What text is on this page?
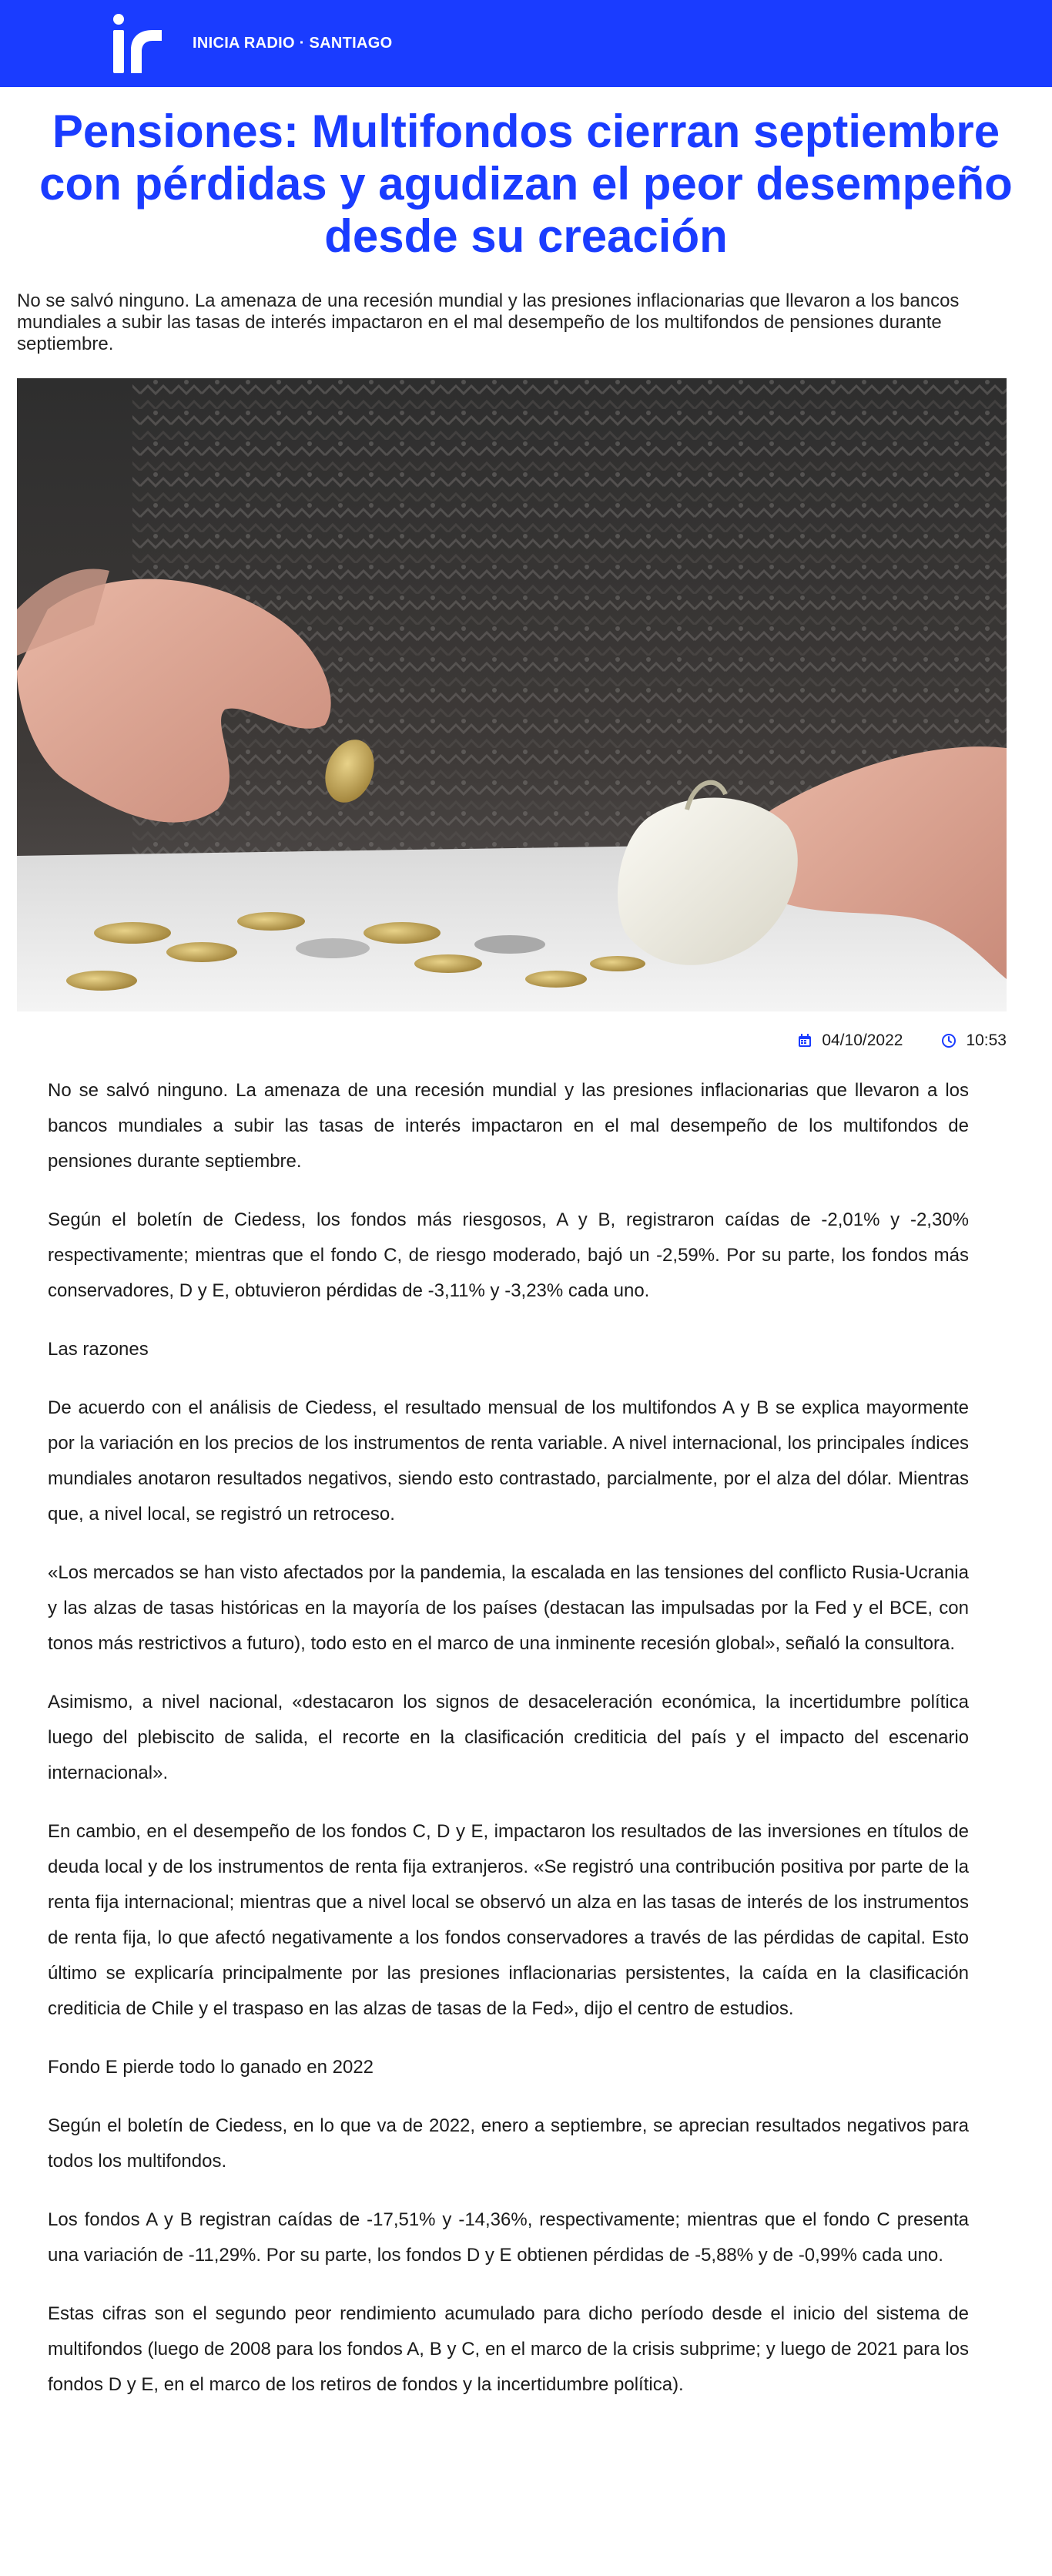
INICIA RADIO · SANTIAGO
Pensiones: Multifondos cierran septiembre con pérdidas y agudizan el peor desempeño desde su creación

No se salvó ninguno. La amenaza de una recesión mundial y las presiones inflacionarias que llevaron a los bancos mundiales a subir las tasas de interés impactaron en el mal desempeño de los multifondos de pensiones durante septiembre.

04/10/2022	10:53

No se salvó ninguno. La amenaza de una recesión mundial y las presiones inflacionarias que llevaron a los bancos mundiales a subir las tasas de interés impactaron en el mal desempeño de los multifondos de pensiones durante septiembre.

Según el boletín de Ciedess, los fondos más riesgosos, A y B, registraron caídas de -2,01% y -2,30% respectivamente; mientras que el fondo C, de riesgo moderado, bajó un -2,59%. Por su parte, los fondos más conservadores, D y E, obtuvieron pérdidas de -3,11% y -3,23% cada uno.

Las razones

De acuerdo con el análisis de Ciedess, el resultado mensual de los multifondos A y B se explica mayormente por la variación en los precios de los instrumentos de renta variable. A nivel internacional, los principales índices mundiales anotaron resultados negativos, siendo esto contrastado, parcialmente, por el alza del dólar. Mientras que, a nivel local, se registró un retroceso.

«Los mercados se han visto afectados por la pandemia, la escalada en las tensiones del conflicto Rusia-Ucrania y las alzas de tasas históricas en la mayoría de los países (destacan las impulsadas por la Fed y el BCE, con tonos más restrictivos a futuro), todo esto en el marco de una inminente recesión global», señaló la consultora.

Asimismo, a nivel nacional, «destacaron los signos de desaceleración económica, la incertidumbre política luego del plebiscito de salida, el recorte en la clasificación crediticia del país y el impacto del escenario internacional».

En cambio, en el desempeño de los fondos C, D y E, impactaron los resultados de las inversiones en títulos de deuda local y de los instrumentos de renta fija extranjeros. «Se registró una contribución positiva por parte de la renta fija internacional; mientras que a nivel local se observó un alza en las tasas de interés de los instrumentos de renta fija, lo que afectó negativamente a los fondos conservadores a través de las pérdidas de capital. Esto último se explicaría principalmente por las presiones inflacionarias persistentes, la caída en la clasificación crediticia de Chile y el traspaso en las alzas de tasas de la Fed», dijo el centro de estudios.

Fondo E pierde todo lo ganado en 2022

Según el boletín de Ciedess, en lo que va de 2022, enero a septiembre, se aprecian resultados negativos para todos los multifondos.

Los fondos A y B registran caídas de -17,51% y -14,36%, respectivamente; mientras que el fondo C presenta una variación de -11,29%. Por su parte, los fondos D y E obtienen pérdidas de -5,88% y de -0,99% cada uno.

Estas cifras son el segundo peor rendimiento acumulado para dicho período desde el inicio del sistema de multifondos (luego de 2008 para los fondos A, B y C, en el marco de la crisis subprime; y luego de 2021 para los fondos D y E, en el marco de los retiros de fondos y la incertidumbre política).
